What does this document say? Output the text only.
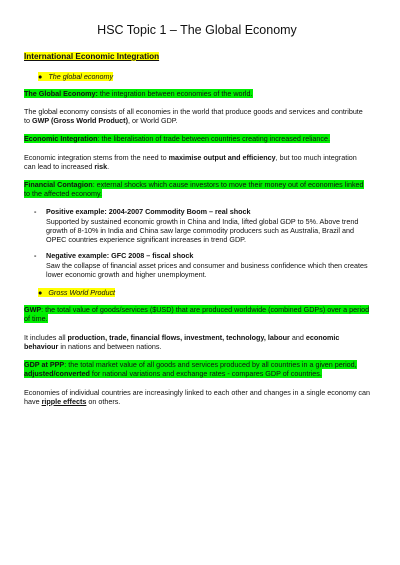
HSC Topic 1 – The Global Economy
International Economic Integration
● The global economy
The Global Economy: the integration between economies of the world.

The global economy consists of all economies in the world that produce goods and services and contribute to GWP (Gross World Product), or World GDP.

Economic Integration: the liberalisation of trade between countries creating increased reliance.

Economic integration stems from the need to maximise output and efficiency, but too much integration can lead to increased risk.

Financial Contagion: external shocks which cause investors to move their money out of economies linked to the affected economy.
- Positive example: 2004-2007 Commodity Boom – real shock
Supported by sustained economic growth in China and India, lifted global GDP to 5%. Above trend growth of 8-10% in India and China saw large commodity producers such as Australia, Brazil and OPEC countries experience significant increases in trend GDP.
- Negative example: GFC 2008 – fiscal shock
Saw the collapse of financial asset prices and consumer and business confidence which then creates lower economic growth and higher unemployment.
● Gross World Product
GWP: the total value of goods/services ($USD) that are produced worldwide (combined GDPs) over a period of time.

It includes all production, trade, financial flows, investment, technology, labour and economic behaviour in nations and between nations.

GDP at PPP: the total market value of all goods and services produced by all countries in a given period, adjusted/converted for national variations and exchange rates - compares GDP of countries.

Economies of individual countries are increasingly linked to each other and changes in a single economy can have ripple effects on others.
